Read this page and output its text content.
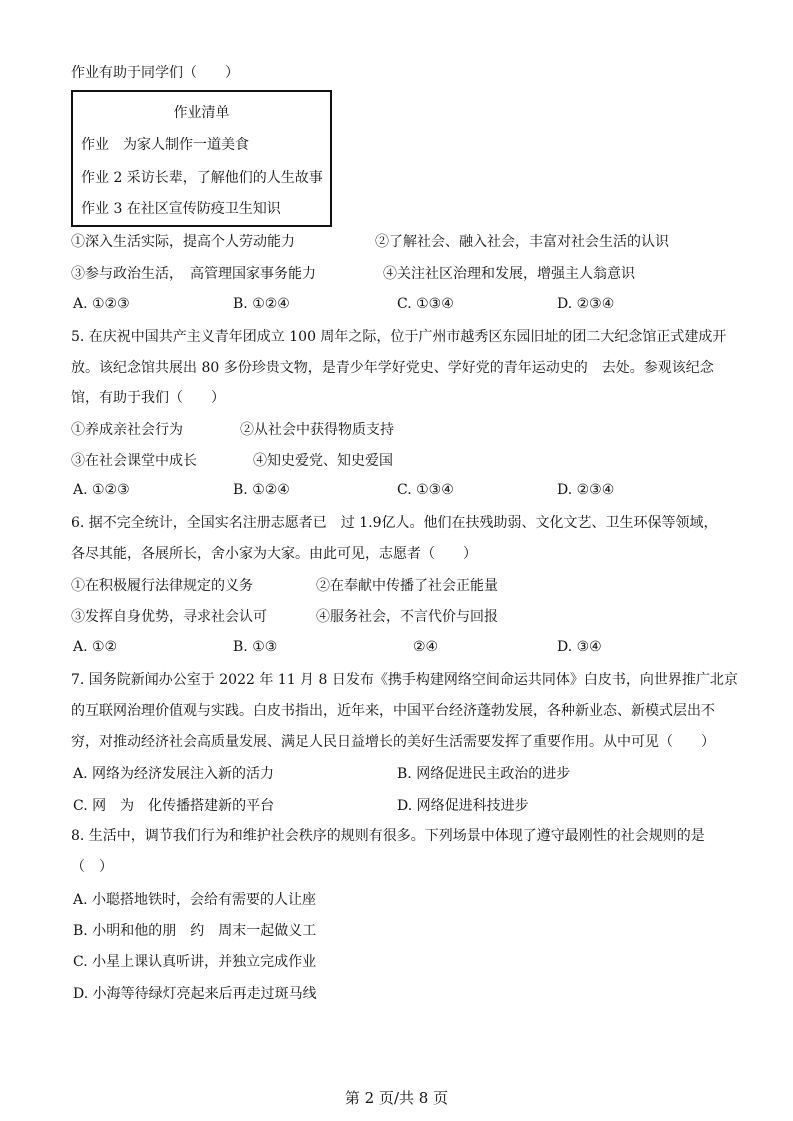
作业有助于同学们（　　）
作业清单
作业　为家人制作一道美食
作业 2 采访长辈，了解他们的人生故事
作业 3 在社区宣传防疫卫生知识
①深入生活实际，提高个人劳动能力	②了解社会、融入社会，丰富对社会生活的认识
③参与政治生活，　高管理国家事务能力	④关注社区治理和发展，增强主人翁意识
A. ①②③	B. ①②④	C. ①③④	D. ②③④
5. 在庆祝中国共产主义青年团成立 100 周年之际，位于广州市越秀区东园旧址的团二大纪念馆正式建成开
放。该纪念馆共展出 80 多份珍贵文物，是青少年学好党史、学好党的青年运动史的　去处。参观该纪念
馆，有助于我们（　　）
①养成亲社会行为	②从社会中获得物质支持
③在社会课堂中成长	④知史爱党、知史爱国
A. ①②③	B. ①②④	C. ①③④	D. ②③④
6. 据不完全统计，全国实名注册志愿者已　过 1.9亿人。他们在扶残助弱、文化文艺、卫生环保等领域，
各尽其能，各展所长，舍小家为大家。由此可见，志愿者（　　）
①在积极履行法律规定的义务	②在奉献中传播了社会正能量
③发挥自身优势，寻求社会认可	④服务社会，不言代价与回报
A. ①②	B. ①③	②④	D. ③④
7. 国务院新闻办公室于 2022 年 11 月 8 日发布《携手构建网络空间命运共同体》白皮书，向世界推广北京
的互联网治理价值观与实践。白皮书指出，近年来，中国平台经济蓬勃发展，各种新业态、新模式层出不
穷，对推动经济社会高质量发展、满足人民日益增长的美好生活需要发挥了重要作用。从中可见（　　）
A. 网络为经济发展注入新的活力	B. 网络促进民主政治的进步
C. 网　为　化传播搭建新的平台	D. 网络促进科技进步
8. 生活中，调节我们行为和维护社会秩序的规则有很多。下列场景中体现了遵守最刚性的社会规则的是
（　）
A. 小聪搭地铁时，会给有需要的人让座
B. 小明和他的朋　约　周末一起做义工
C. 小星上课认真听讲，并独立完成作业
D. 小海等待绿灯亮起来后再走过斑马线
第 2 页/共 8 页
